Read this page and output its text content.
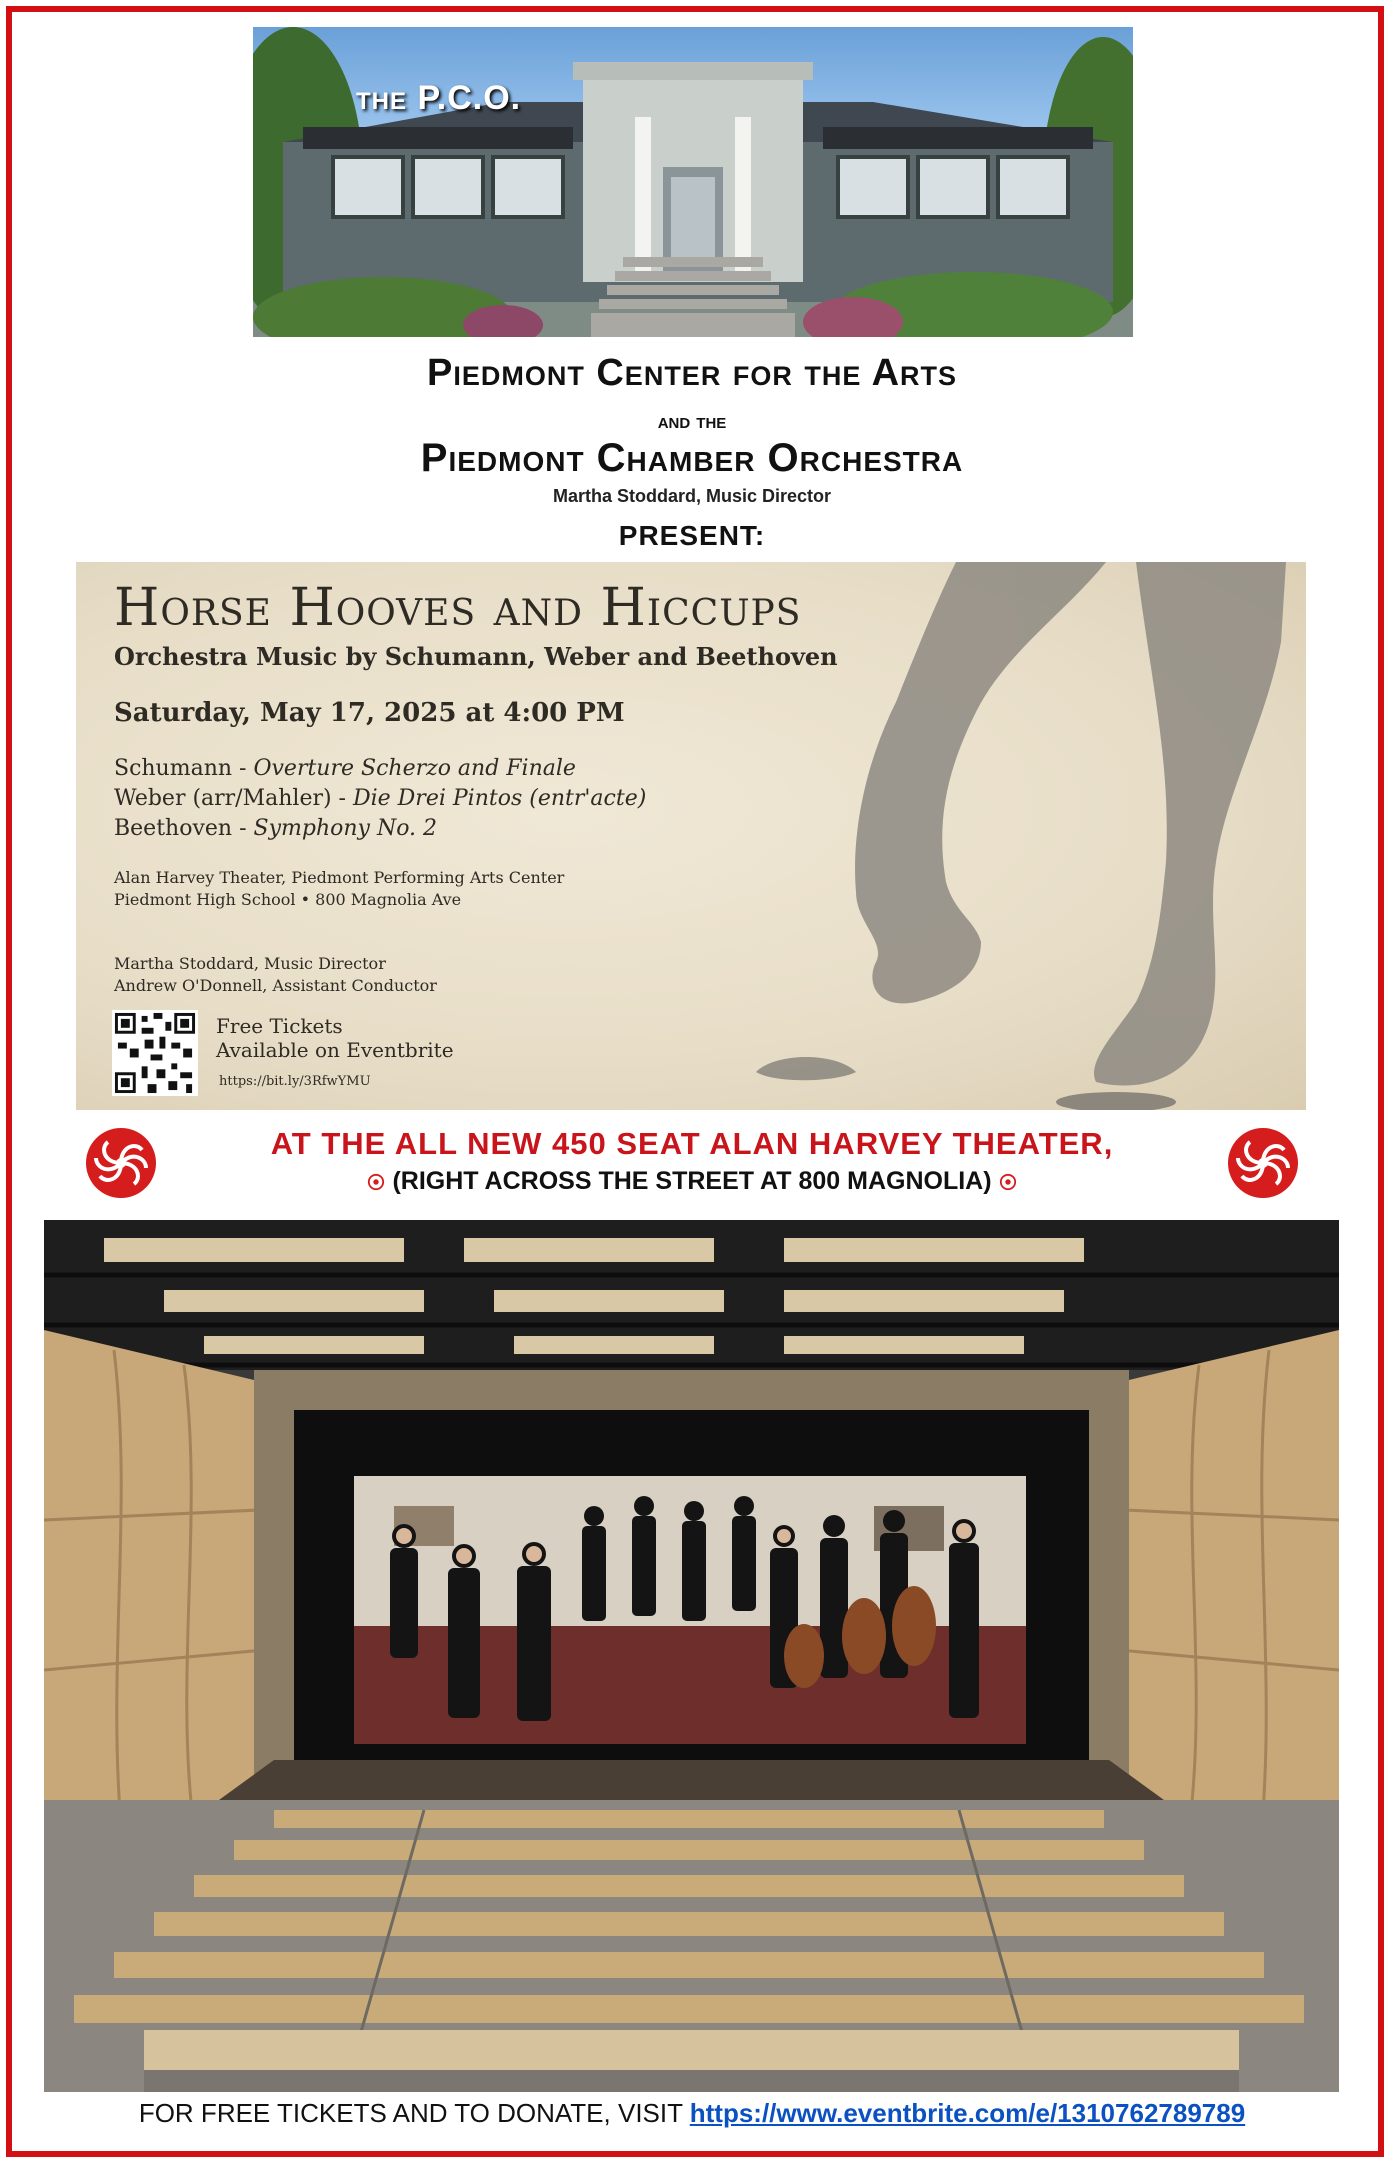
THE P.C.O.
Piedmont Center for the Arts
and the
Piedmont Chamber Orchestra
Martha Stoddard, Music Director
PRESENT:
Horse Hooves and Hiccups
Orchestra Music by Schumann, Weber and Beethoven
Saturday, May 17, 2025 at 4:00 PM
Schumann - Overture Scherzo and Finale
Weber (arr/Mahler) - Die Drei Pintos (entr'acte)
Beethoven - Symphony No. 2
Alan Harvey Theater, Piedmont Performing Arts Center
Piedmont High School • 800 Magnolia Ave
Martha Stoddard, Music Director
Andrew O'Donnell, Assistant Conductor
Free Tickets
Available on Eventbrite
https://bit.ly/3RfwYMU
AT THE ALL NEW 450 SEAT ALAN HARVEY THEATER,
(RIGHT ACROSS THE STREET AT 800 MAGNOLIA)
FOR FREE TICKETS AND TO DONATE, VISIT https://www.eventbrite.com/e/1310762789789
